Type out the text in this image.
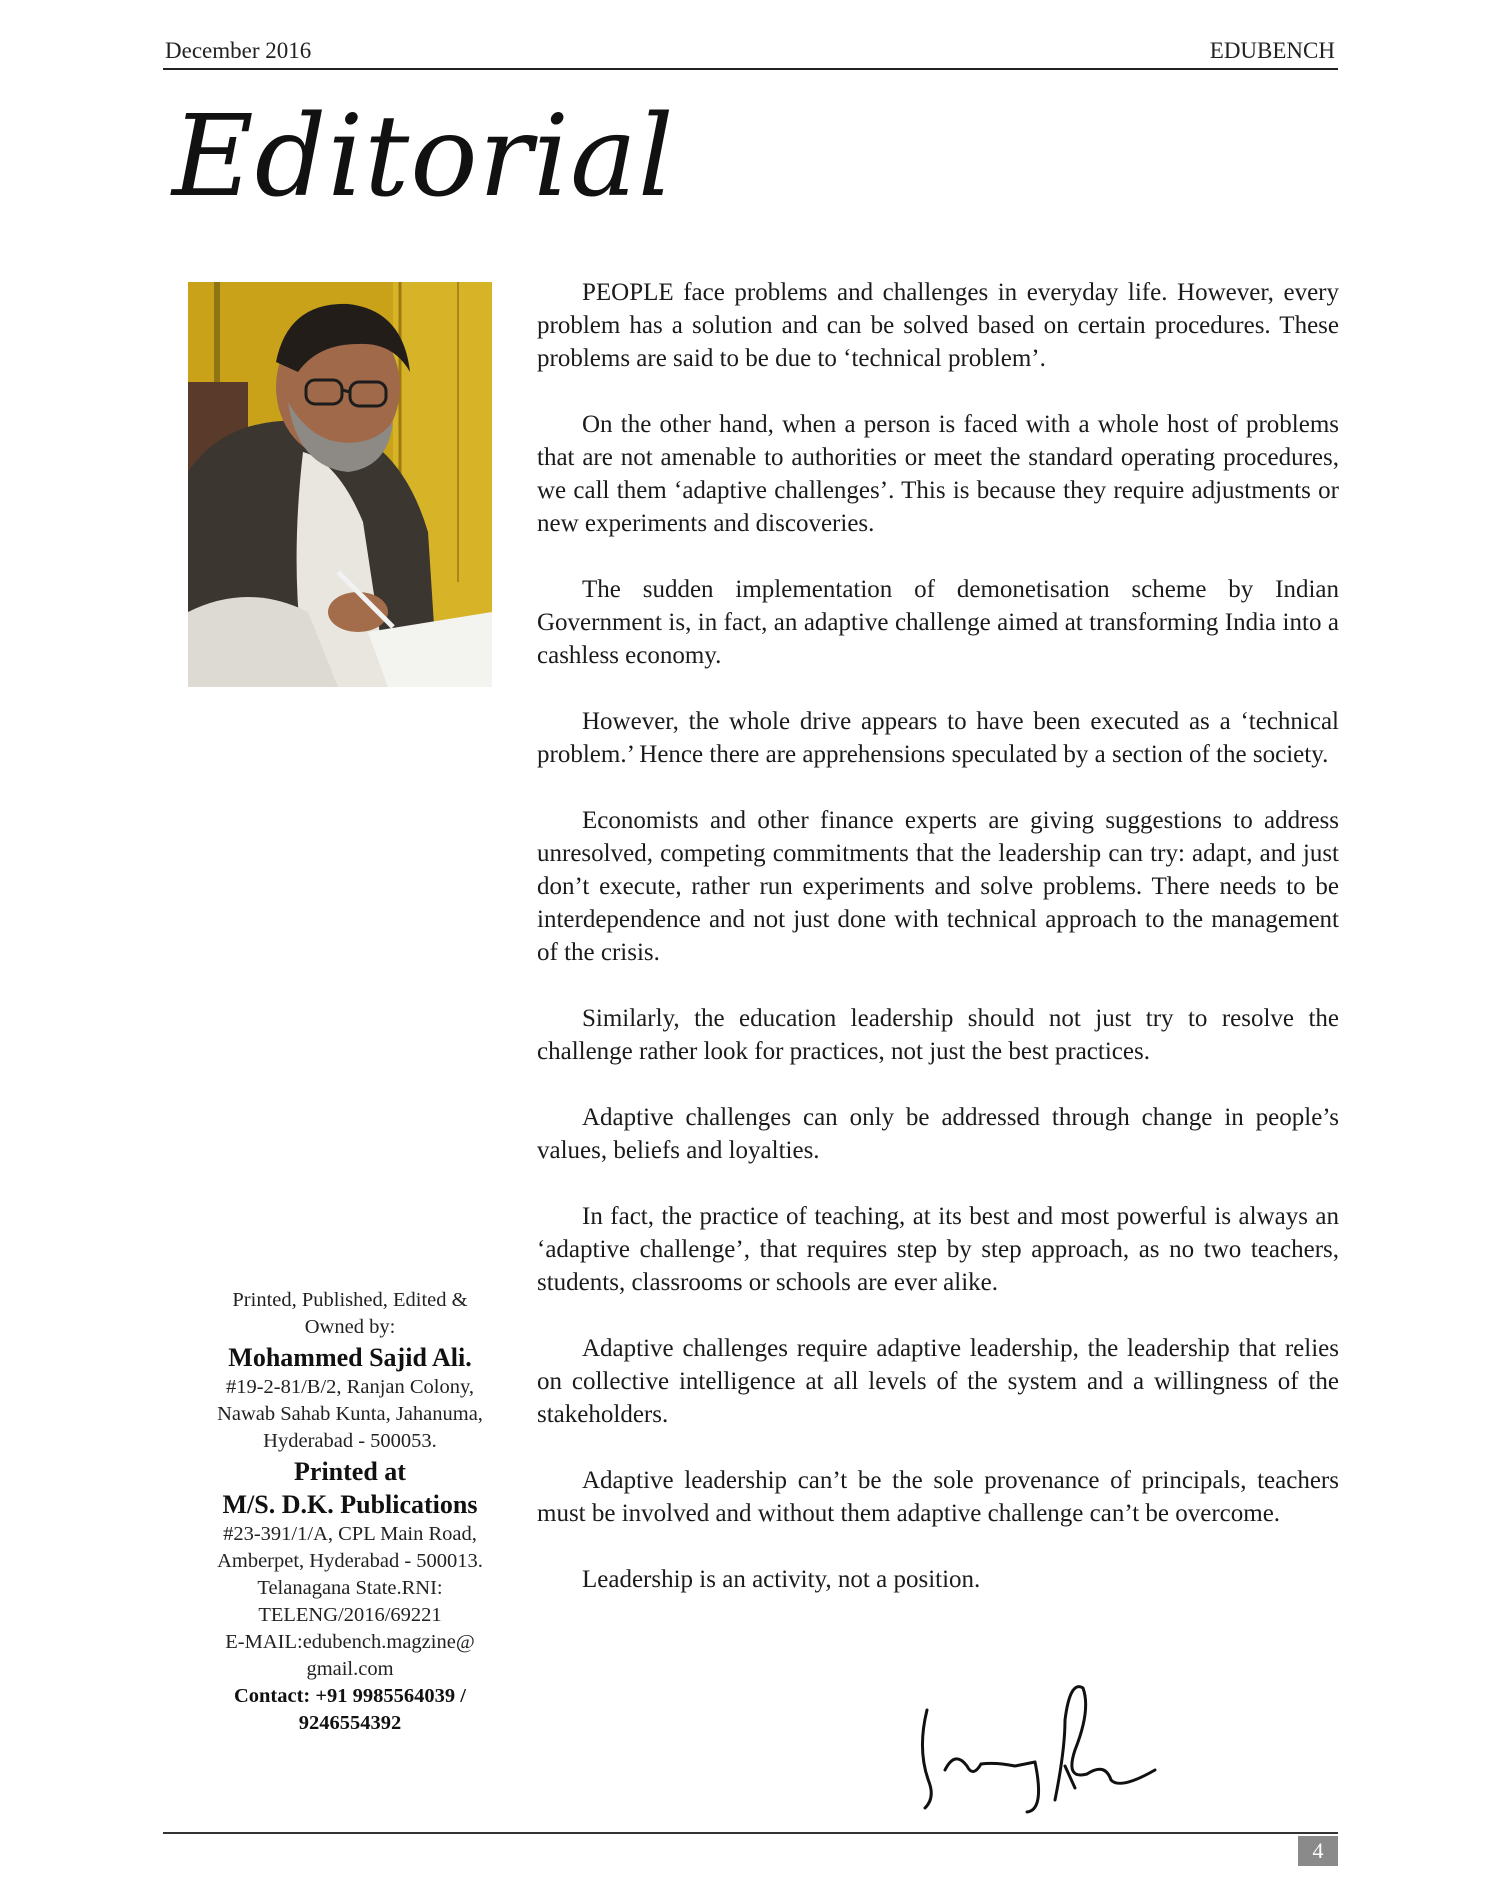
December 2016	EDUBENCH
Editorial

PEOPLE face problems and challenges in everyday life. However, every problem has a solution and can be solved based on certain procedures. These problems are said to be due to ‘technical problem’.

On the other hand, when a person is faced with a whole host of problems that are not amenable to authorities or meet the standard operating procedures, we call them ‘adaptive challenges’. This is because they require adjustments or new experiments and discoveries.

The sudden implementation of demonetisation scheme by Indian Government is, in fact, an adaptive challenge aimed at transforming India into a cashless economy.

However, the whole drive appears to have been executed as a ‘technical problem.’ Hence there are apprehensions speculated by a section of the society.

Economists and other finance experts are giving suggestions to address unresolved, competing commitments that the leadership can try: adapt, and just don’t execute, rather run experiments and solve problems. There needs to be interdependence and not just done with technical approach to the management of the crisis.

Similarly, the education leadership should not just try to resolve the challenge rather look for practices, not just the best practices.

Adaptive challenges can only be addressed through change in people’s values, beliefs and loyalties.

In fact, the practice of teaching, at its best and most powerful is always an ‘adaptive challenge’, that requires step by step approach, as no two teachers, students, classrooms or schools are ever alike.

Adaptive challenges require adaptive leadership, the leadership that relies on collective intelligence at all levels of the system and a willingness of the stakeholders.

Adaptive leadership can’t be the sole provenance of principals, teachers must be involved and without them adaptive challenge can’t be overcome.

Leadership is an activity, not a position.

Printed, Published, Edited &
Owned by:
Mohammed Sajid Ali.
#19-2-81/B/2, Ranjan Colony,
Nawab Sahab Kunta, Jahanuma,
Hyderabad - 500053.
Printed at
M/S. D.K. Publications
#23-391/1/A, CPL Main Road,
Amberpet, Hyderabad - 500013.
Telanagana State.RNI:
TELENG/2016/69221
E-MAIL:edubench.magzine@
gmail.com
Contact: +91 9985564039 /
9246554392
4
